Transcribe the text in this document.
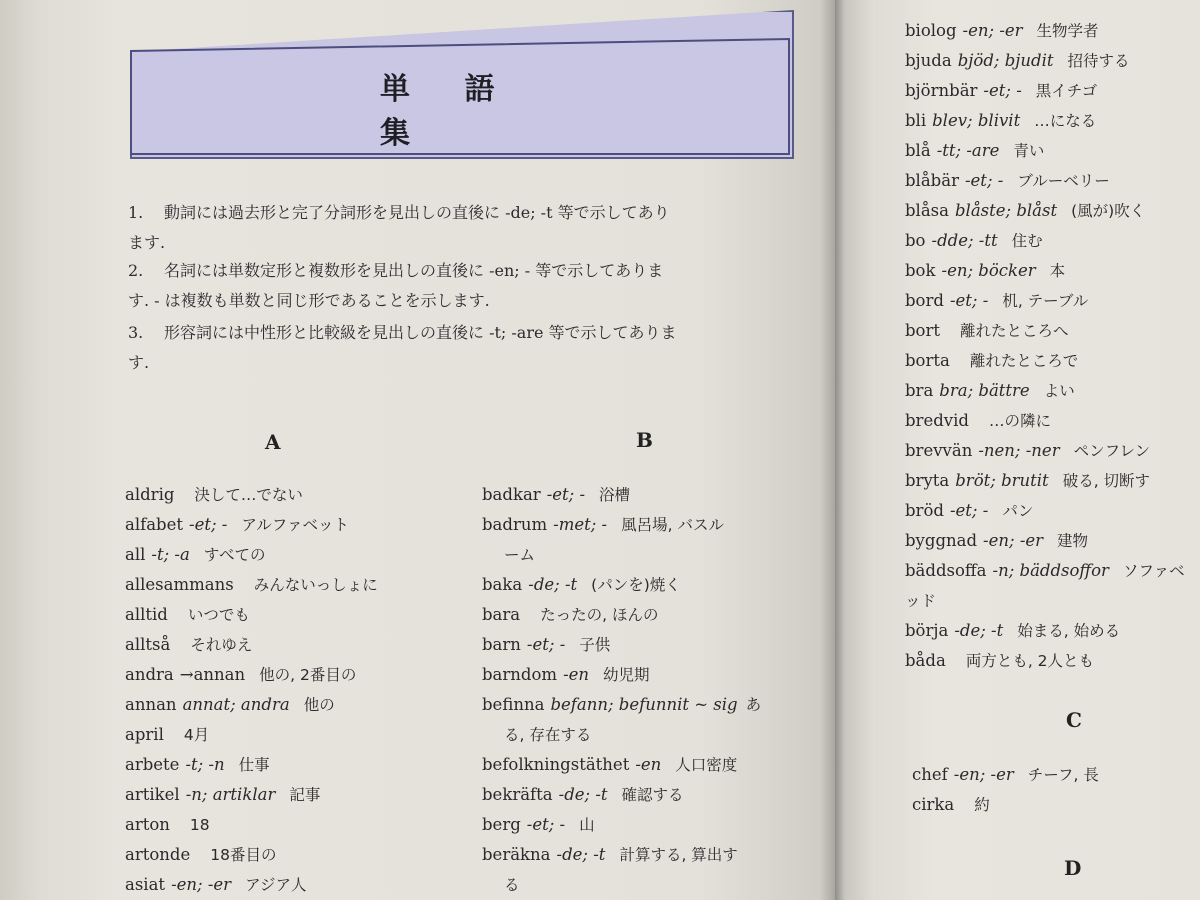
単 語 集
1. 動詞には過去形と完了分詞形を見出しの直後に -de; -t 等で示してあり
ます.
2. 名詞には単数定形と複数形を見出しの直後に -en; - 等で示してありま
す. - は複数も単数と同じ形であることを示します.
3. 形容詞には中性形と比較級を見出しの直後に -t; -are 等で示してありま
す.
A	B
C
D
aldrig 決して…でない
alfabet -et; - アルファベット
all -t; -a すべての
allesammans みんないっしょに
alltid いつでも
alltså それゆえ
andra →annan 他の, 2番目の
annan annat; andra 他の
april 4月
arbete -t; -n 仕事
artikel -n; artiklar 記事
arton 18
artonde 18番目の
asiat -en; -er アジア人
badkar -et; - 浴槽
badrum -met; - 風呂場, バスル
ーム
baka -de; -t (パンを)焼く
bara たったの, ほんの
barn -et; - 子供
barndom -en 幼児期
befinna befann; befunnit ~ sig あ
る, 存在する
befolkningstäthet -en 人口密度
bekräfta -de; -t 確認する
berg -et; - 山
beräkna -de; -t 計算する, 算出す
る
biolog -en; -er 生物学者
bjuda bjöd; bjudit 招待する
björnbär -et; - 黒イチゴ
bli blev; blivit …になる
blå -tt; -are 青い
blåbär -et; - ブルーベリー
blåsa blåste; blåst (風が)吹く
bo -dde; -tt 住む
bok -en; böcker 本
bord -et; - 机, テーブル
bort 離れたところへ
borta 離れたところで
bra bra; bättre よい
bredvid …の隣に
brevvän -nen; -ner ペンフレン
bryta bröt; brutit 破る, 切断す
bröd -et; - パン
byggnad -en; -er 建物
bäddsoffa -n; bäddsoffor ソファベ
ッド
börja -de; -t 始まる, 始める
båda 両方とも, 2人とも
chef -en; -er チーフ, 長
cirka 約
